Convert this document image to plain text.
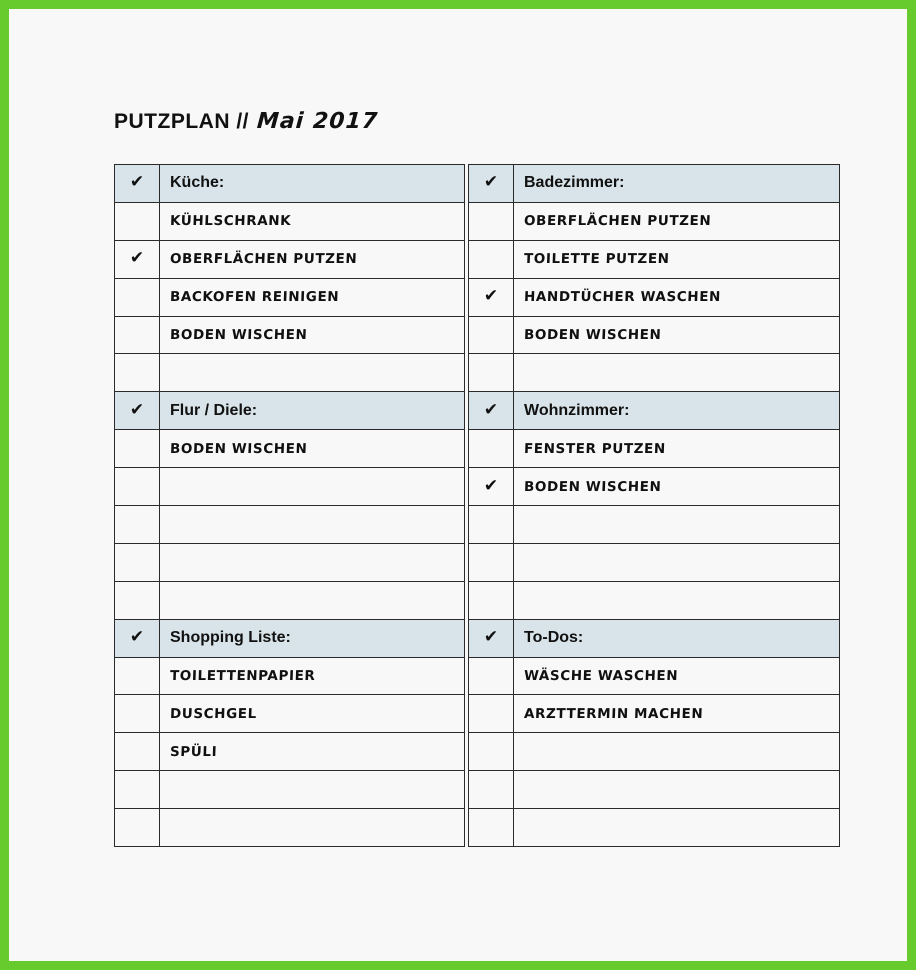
PUTZPLAN // Mai 2017
✔	Küche:
	KÜHLSCHRANK
✔	OBERFLÄCHEN PUTZEN
	BACKOFEN REINIGEN
	BODEN WISCHEN

✔	Flur / Diele:
	BODEN WISCHEN

✔	Shopping Liste:
	TOILETTENPAPIER
	DUSCHGEL
	SPÜLI

✔	Badezimmer:
	OBERFLÄCHEN PUTZEN
	TOILETTE PUTZEN
✔	HANDTÜCHER WASCHEN
	BODEN WISCHEN

✔	Wohnzimmer:
	FENSTER PUTZEN
✔	BODEN WISCHEN

✔	To-Dos:
	WÄSCHE WASCHEN
	ARZTTERMIN MACHEN
